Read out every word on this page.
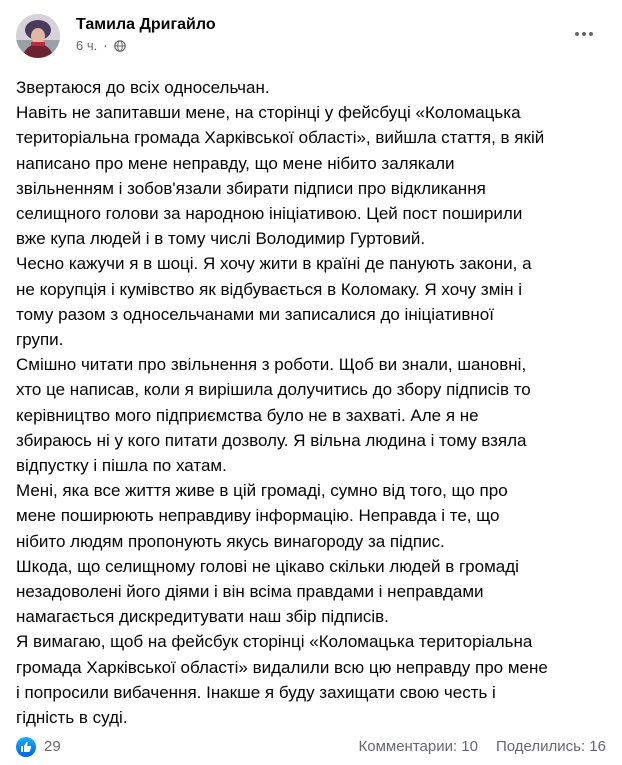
Тамила Дригайло
6 ч. ·
Звертаюся до всіх односельчан.
Навіть не запитавши мене, на сторінці у фейсбуці «Коломацька
територіальна громада Харківської області», вийшла стаття, в якій
написано про мене неправду, що мене нібито залякали
звільненням і зобов'язали збирати підписи про відкликання
селищного голови за народною ініціативою. Цей пост поширили
вже купа людей і в тому числі Володимир Гуртовий.
Чесно кажучи я в шоці. Я хочу жити в країні де панують закони, а
не корупція і кумівство як відбувається в Коломаку. Я хочу змін і
тому разом з односельчанами ми записалися до ініціативної
групи.
Смішно читати про звільнення з роботи. Щоб ви знали, шановні,
хто це написав, коли я вирішила долучитись до збору підписів то
керівництво мого підприємства було не в захваті. Але я не
збираюсь ні у кого питати дозволу. Я вільна людина і тому взяла
відпустку і пішла по хатам.
Мені, яка все життя живе в цій громаді, сумно від того, що про
мене поширюють неправдиву інформацію. Неправда і те, що
нібито людям пропонують якусь винагороду за підпис.
Шкода, що селищному голові не цікаво скільки людей в громаді
незадоволені його діями і він всіма правдами і неправдами
намагається дискредитувати наш збір підписів.
Я вимагаю, щоб на фейсбук сторінці «Коломацька територіальна
громада Харківської області» видалили всю цю неправду про мене
і попросили вибачення. Інакше я буду захищати свою честь і
гідність в суді.
29	Комментарии: 10 Поделились: 16
